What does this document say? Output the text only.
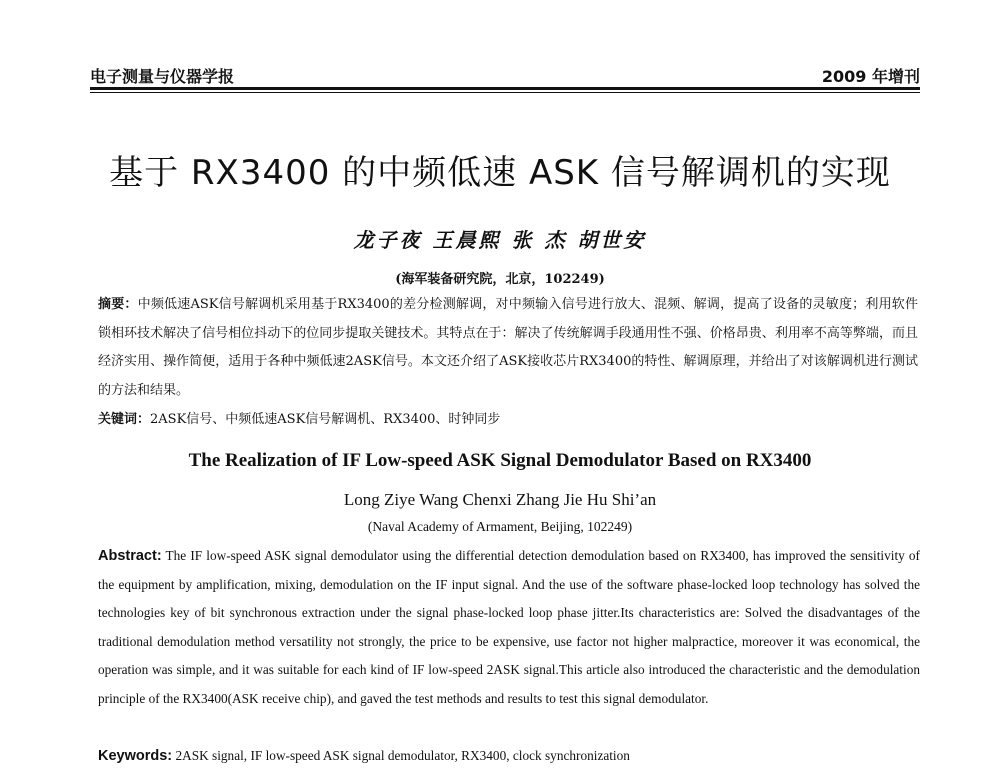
电子测量与仪器学报	2009 年增刊
基于 RX3400 的中频低速 ASK 信号解调机的实现
龙子夜 王晨熙 张 杰 胡世安
(海军装备研究院，北京，102249)
摘要：中频低速ASK信号解调机采用基于RX3400的差分检测解调，对中频输入信号进行放大、混频、解调，提高了设备的灵敏度；利用软件锁相环技术解决了信号相位抖动下的位同步提取关键技术。其特点在于：解决了传统解调手段通用性不强、价格昂贵、利用率不高等弊端，而且经济实用、操作简便，适用于各种中频低速2ASK信号。本文还介绍了ASK接收芯片RX3400的特性、解调原理，并给出了对该解调机进行测试的方法和结果。
关键词：2ASK信号、中频低速ASK信号解调机、RX3400、时钟同步
The Realization of IF Low-speed ASK Signal Demodulator Based on RX3400
Long Ziye Wang Chenxi Zhang Jie Hu Shi’an
(Naval Academy of Armament, Beijing, 102249)
Abstract: The IF low-speed ASK signal demodulator using the differential detection demodulation based on RX3400, has improved the sensitivity of the equipment by amplification, mixing, demodulation on the IF input signal. And the use of the software phase-locked loop technology has solved the technologies key of bit synchronous extraction under the signal phase-locked loop phase jitter.Its characteristics are: Solved the disadvantages of the traditional demodulation method versatility not strongly, the price to be expensive, use factor not higher malpractice, moreover it was economical, the operation was simple, and it was suitable for each kind of IF low-speed 2ASK signal.This article also introduced the characteristic and the demodulation principle of the RX3400(ASK receive chip), and gaved the test methods and results to test this signal demodulator.
Keywords: 2ASK signal, IF low-speed ASK signal demodulator, RX3400, clock synchronization
